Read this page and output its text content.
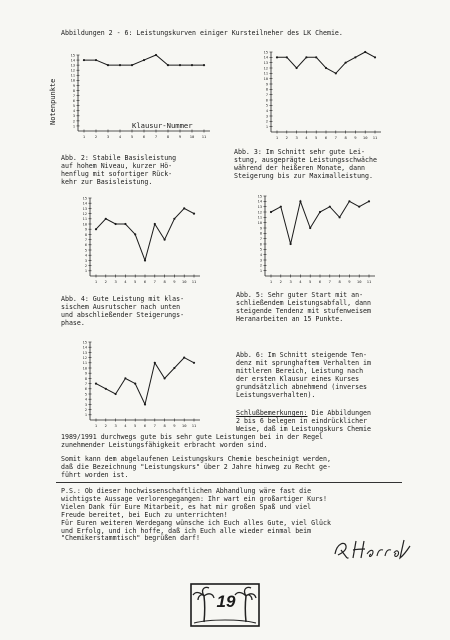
Abbildungen 2 - 6: Leistungskurven einiger Kursteilneher des LK Chemie.
15
14
13
12
11
10
9
8
7
6
5
4
3
2
1
1	2	3	4	5	6	7	8	9 10 11
Klausur-Nummer
Notenpunkte
15
14
13
12
11
10
9
8
7
6
5
4
3
2
1
1 2 3 4 5 6 7 8 9 10 11
Abb. 2: Stabile Basisleistung
auf hohem Niveau, kurzer Hö-
henflug mit sofortiger Rück-
kehr zur Basisleistung.
Abb. 3: Im Schnitt sehr gute Lei-
stung, ausgeprägte Leistungsschwäche
während der heißeren Monate, dann
Steigerung bis zur Maximalleistung.
15
14
13
12
11
10
9
8
7
6
5
4
3
2
1
1 2 3 4 5 6 7 8 9 10 11
15
14
13
12
11
10
9
8
7
6
5
4
3
2
1
1 2 3 4 5 6 7 8 9 10 11
Abb. 4: Gute Leistung mit klas-
sischem Ausrutscher nach unten
und abschließender Steigerungs-
phase.
Abb. 5: Sehr guter Start mit an-
schließendem Leistungsabfall, dann
steigende Tendenz mit stufenweisem
Heranarbeiten an 15 Punkte.
15
14
13
12
11
10
9
8
7
6
5
4
3
2
1
1 2 3 4 5 6 7 8 9 10 11
Abb. 6: Im Schnitt steigende Ten-
denz mit sprunghaftem Verhalten im
mittleren Bereich, Leistung nach
der ersten Klausur eines Kurses
grundsätzlich abnehmend (inverses
Leistungsverhalten).
Schlußbemerkungen: Die Abbildungen
2 bis 6 belegen in eindrücklicher
Weise, daß im Leistungskurs Chemie
1989/1991 durchwegs gute bis sehr gute Leistungen bei in der Regel
zunehmender Leistungsfähigkeit erbracht worden sind.
Somit kann dem abgelaufenen Leistungskurs Chemie bescheinigt werden,
daß die Bezeichnung "Leistungskurs" über 2 Jahre hinweg zu Recht ge-
führt worden ist.
P.S.: Ob dieser hochwissenschaftlichen Abhandlung wäre fast die
wichtigste Aussage verlorengegangen: Ihr wart ein großartiger Kurs!
Vielen Dank für Eure Mitarbeit, es hat mir großen Spaß und viel
Freude bereitet, bei Euch zu unterrichten!
Für Euren weiteren Werdegang wünsche ich Euch alles Gute, viel Glück
und Erfolg, und ich hoffe, daß ich Euch alle wieder einmal beim
"Chemikerstammtisch" begrüßen darf!
19
